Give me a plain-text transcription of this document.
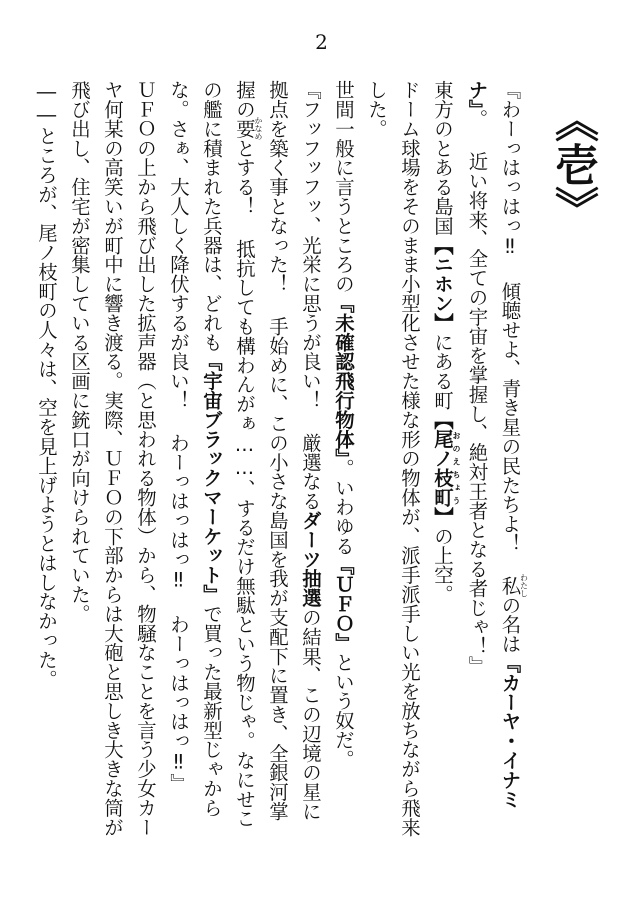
2
《壱》

『わーっはっはっ‼ 傾聴せよ、青き星の民たちよ！ 私わたしの名は『カーヤ・イナミナ』。 近い将来、全ての宇宙を掌握し、絶対王者となる者じゃ！』

東方のとある島国【ニホン】にある町【尾ノ枝町おのえちょう】の上空。

ドーム球場をそのまま小型化させた様な形の物体が、派手派手しい光を放ちながら飛来した。

世間一般に言うところの『未確認飛行物体』。いわゆる『ＵＦＯ』という奴だ。

『フッフッフッ、光栄に思うが良い！ 厳選なるダーツ抽選の結果、この辺境の星に拠点を築く事となった！ 手始めに、この小さな島国を我が支配下に置き、全銀河掌握の要かなめとする！ 抵抗しても構わんがぁ……、するだけ無駄という物じゃ。なにせこの艦に積まれた兵器は、どれも『宇宙ブラックマーケット』で買った最新型じゃからな。さぁ、大人しく降伏するが良い！ わーっはっはっ‼ わーっはっはっ‼』

ＵＦＯの上から飛び出した拡声器（と思われる物体）から、物騒なことを言う少女カーヤ何某の高笑いが町中に響き渡る。実際、ＵＦＯの下部からは大砲と思しき大きな筒が飛び出し、住宅が密集している区画に銃口が向けられていた。

――ところが、尾ノ枝町の人々は、空を見上げようとはしなかった。
